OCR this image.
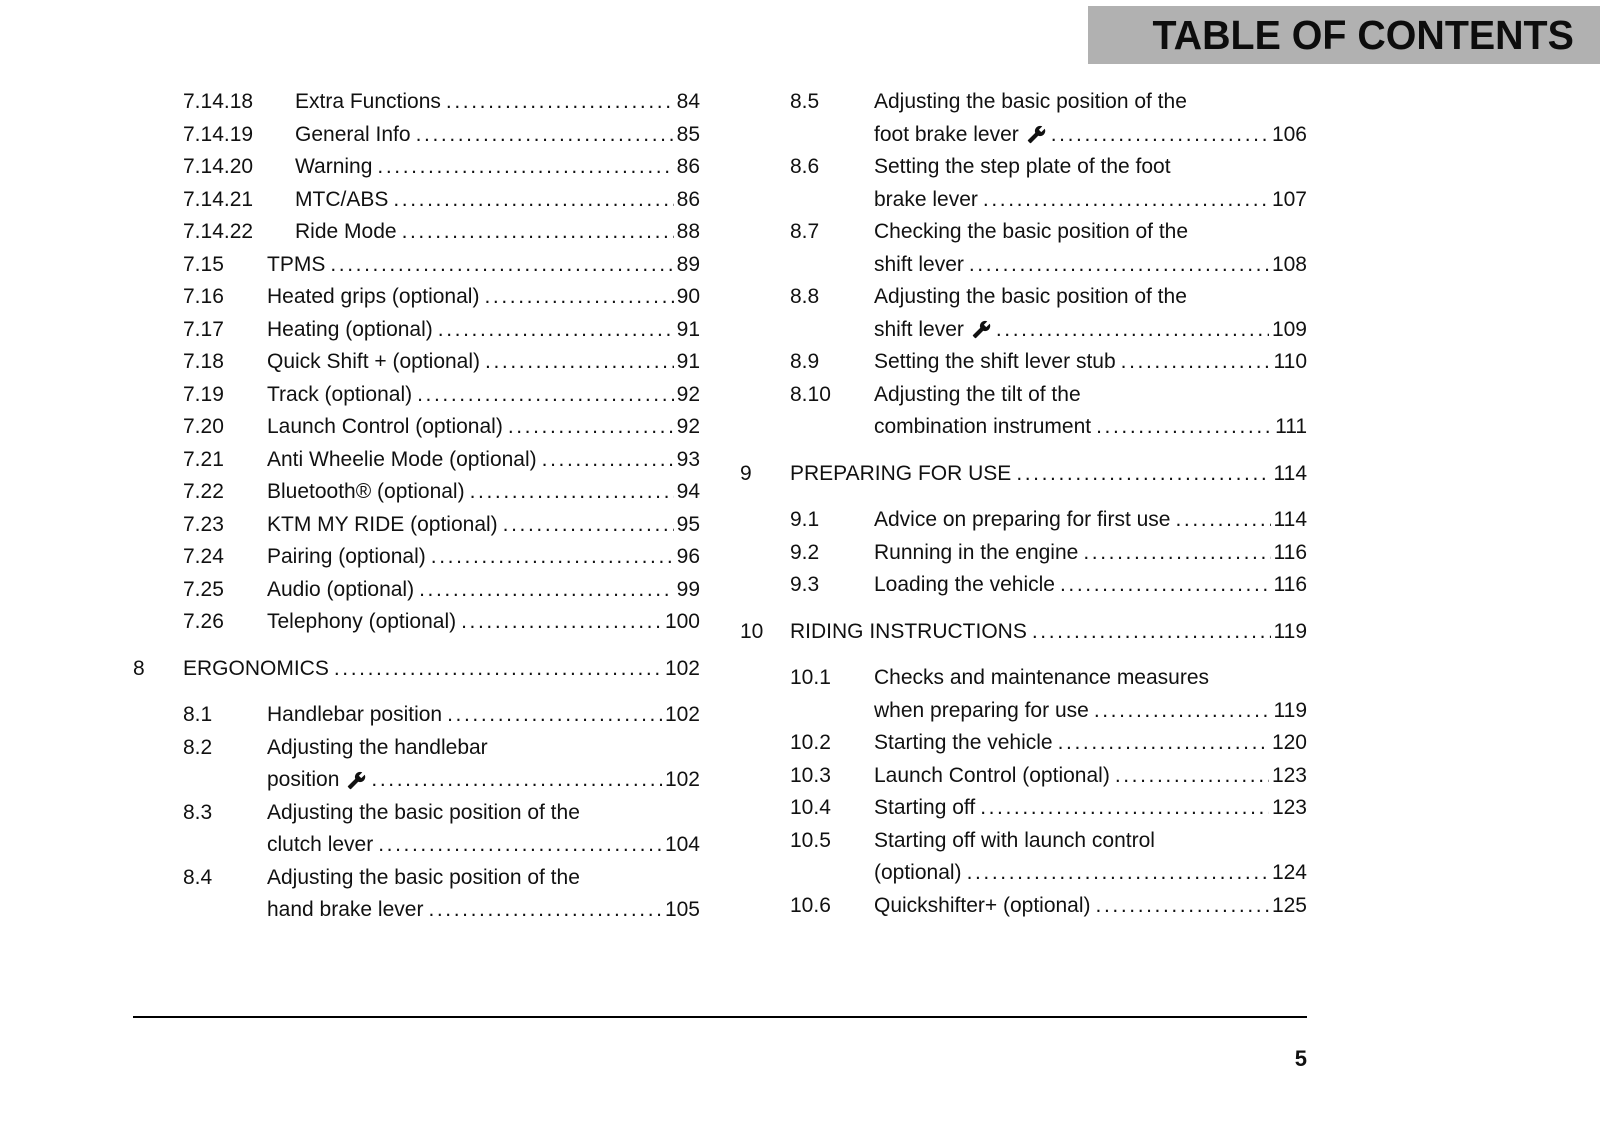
TABLE OF CONTENTS
7.14.18	Extra Functions .....	84
7.14.19	General Info .....	85
7.14.20	Warning .....	86
7.14.21	MTC/ABS .....	86
7.14.22	Ride Mode .....	88
7.15	TPMS .....	89
7.16	Heated grips (optional) .....	90
7.17	Heating (optional) .....	91
7.18	Quick Shift + (optional) .....	91
7.19	Track (optional) .....	92
7.20	Launch Control (optional) .....	92
7.21	Anti Wheelie Mode (optional) .....	93
7.22	Bluetooth® (optional) .....	94
7.23	KTM MY RIDE (optional) .....	95
7.24	Pairing (optional) .....	96
7.25	Audio (optional) .....	99
7.26	Telephony (optional) .....	100
8	ERGONOMICS .....	102
8.1	Handlebar position .....	102
8.2	Adjusting the handlebar
position .....	102
8.3	Adjusting the basic position of the
clutch lever .....	104
8.4	Adjusting the basic position of the
hand brake lever .....	105
8.5	Adjusting the basic position of the
foot brake lever .....	106
8.6	Setting the step plate of the foot
brake lever .....	107
8.7	Checking the basic position of the
shift lever .....	108
8.8	Adjusting the basic position of the
shift lever .....	109
8.9	Setting the shift lever stub .....	110
8.10	Adjusting the tilt of the
combination instrument .....	111
9	PREPARING FOR USE .....	114
9.1	Advice on preparing for first use .....	114
9.2	Running in the engine .....	116
9.3	Loading the vehicle .....	116
10	RIDING INSTRUCTIONS .....	119
10.1	Checks and maintenance measures
when preparing for use .....	119
10.2	Starting the vehicle .....	120
10.3	Launch Control (optional) .....	123
10.4	Starting off .....	123
10.5	Starting off with launch control
(optional) .....	124
10.6	Quickshifter+ (optional) .....	125
5
